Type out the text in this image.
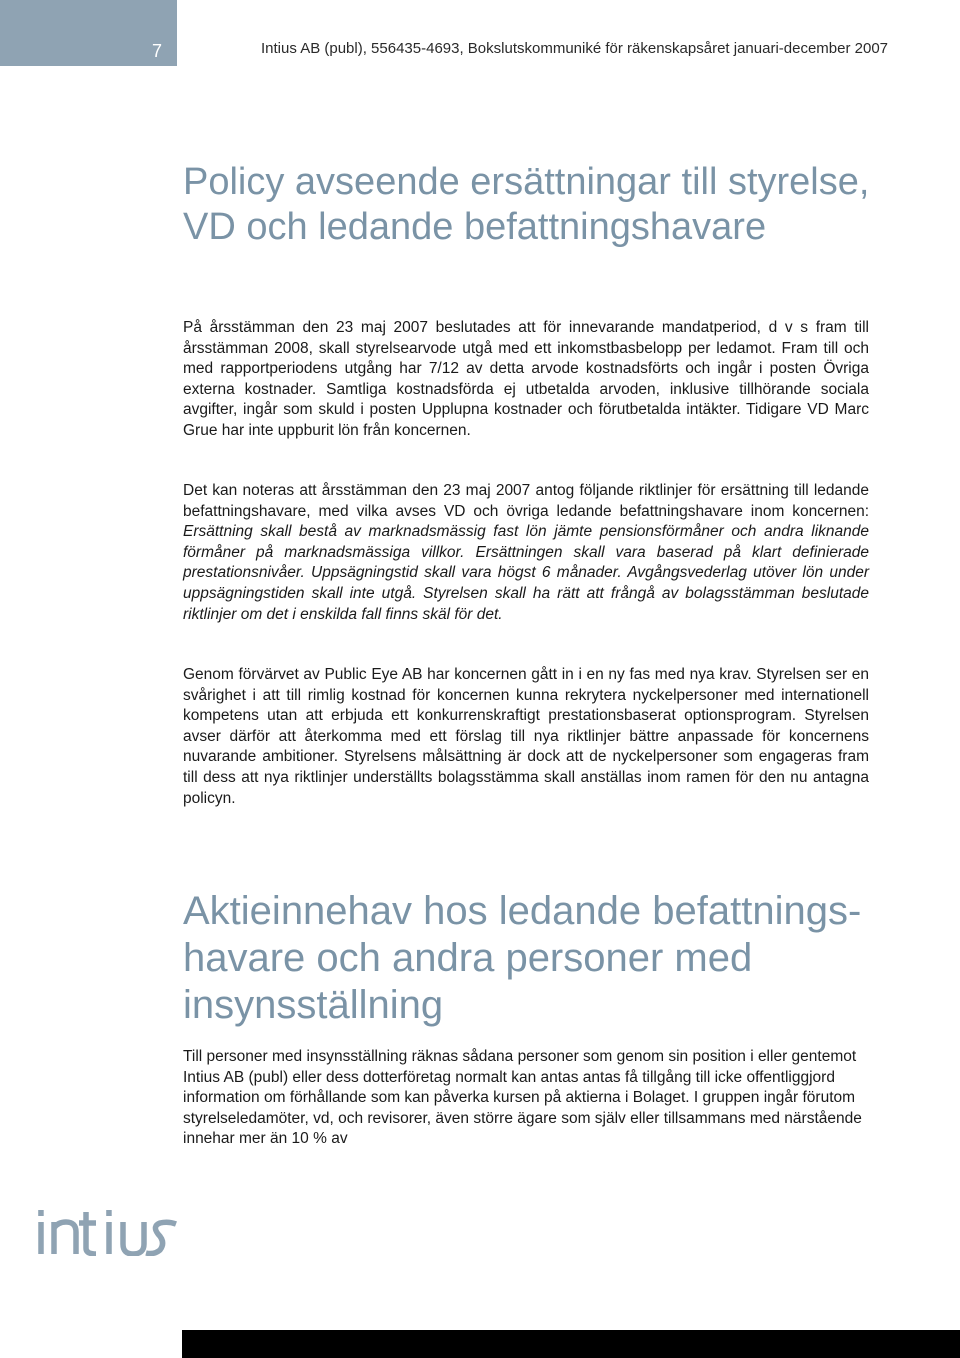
7	Intius AB (publ), 556435-4693, Bokslutskommuniké för räkenskapsåret januari-december 2007
Policy avseende ersättningar till styrelse, VD och ledande befattningshavare

På årsstämman den 23 maj 2007 beslutades att för innevarande mandatperiod, d v s fram till årsstämman 2008, skall styrelsearvode utgå med ett inkomstbasbelopp per ledamot. Fram till och med rapportperiodens utgång har 7/12 av detta arvode kostnadsförts och ingår i posten Övriga externa kostnader. Samtliga kostnadsförda ej utbetalda arvoden, inklusive tillhörande sociala avgifter, ingår som skuld i posten Upplupna kostnader och förutbetalda intäkter. Tidigare VD Marc Grue har inte uppburit lön från koncernen.

Det kan noteras att årsstämman den 23 maj 2007 antog följande riktlinjer för ersättning till ledande befattningshavare, med vilka avses VD och övriga ledande befattningshavare inom koncernen: Ersättning skall bestå av marknadsmässig fast lön jämte pensionsförmåner och andra liknande förmåner på marknadsmässiga villkor. Ersättningen skall vara baserad på klart definierade prestationsnivåer. Uppsägningstid skall vara högst 6 månader. Avgångsvederlag utöver lön under uppsägningstiden skall inte utgå. Styrelsen skall ha rätt att frångå av bolagsstämman beslutade riktlinjer om det i enskilda fall finns skäl för det.

Genom förvärvet av Public Eye AB har koncernen gått in i en ny fas med nya krav. Styrelsen ser en svårighet i att till rimlig kostnad för koncernen kunna rekrytera nyckelpersoner med internationell kompetens utan att erbjuda ett konkurrenskraftigt prestationsbaserat optionsprogram. Styrelsen avser därför att återkomma med ett förslag till nya riktlinjer bättre anpassade för koncernens nuvarande ambitioner. Styrelsens målsättning är dock att de nyckelpersoner som engageras fram till dess att nya riktlinjer underställts bolagsstämma skall anställas inom ramen för den nu antagna policyn.

Aktieinnehav hos ledande befattnings-havare och andra personer med insynsställning

Till personer med insynsställning räknas sådana personer som genom sin position i eller gentemot Intius AB (publ) eller dess dotterföretag normalt kan antas antas få tillgång till icke offentliggjord information om förhållande som kan påverka kursen på aktierna i Bolaget. I gruppen ingår förutom styrelseledamöter, vd, och revisorer, även större ägare som själv eller tillsammans med närstående innehar mer än 10 % av
